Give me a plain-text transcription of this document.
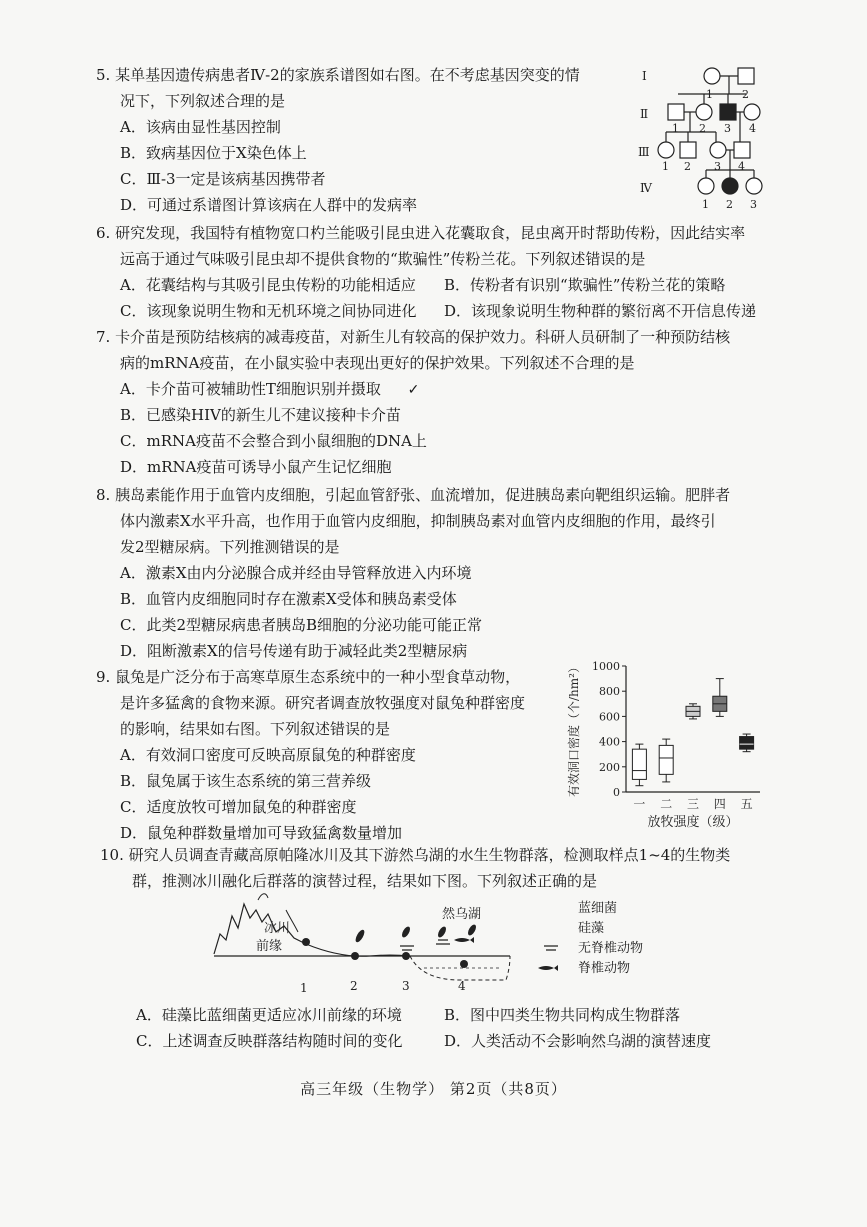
5. 某单基因遗传病患者Ⅳ-2的家族系谱图如右图。在不考虑基因突变的情
况下，下列叙述合理的是
A．该病由显性基因控制
B．致病基因位于X染色体上
C．Ⅲ-3一定是该病基因携带者
D．可通过系谱图计算该病在人群中的发病率
Ⅰ
Ⅱ
Ⅲ
Ⅳ
1	2
1 2 3 4
1 2 3 4
1 2 3
6. 研究发现，我国特有植物宽口杓兰能吸引昆虫进入花囊取食，昆虫离开时帮助传粉，因此结实率
远高于通过气味吸引昆虫却不提供食物的“欺骗性”传粉兰花。下列叙述错误的是
A．花囊结构与其吸引昆虫传粉的功能相适应 B．传粉者有识别“欺骗性”传粉兰花的策略
C．该现象说明生物和无机环境之间协同进化 D．该现象说明生物种群的繁衍离不开信息传递
7. 卡介苗是预防结核病的减毒疫苗，对新生儿有较高的保护效力。科研人员研制了一种预防结核
病的mRNA疫苗，在小鼠实验中表现出更好的保护效果。下列叙述不合理的是
A．卡介苗可被辅助性T细胞识别并摄取 ✓
B．已感染HIV的新生儿不建议接种卡介苗
C．mRNA疫苗不会整合到小鼠细胞的DNA上
D．mRNA疫苗可诱导小鼠产生记忆细胞
8. 胰岛素能作用于血管内皮细胞，引起血管舒张、血流增加，促进胰岛素向靶组织运输。肥胖者
体内激素X水平升高，也作用于血管内皮细胞，抑制胰岛素对血管内皮细胞的作用，最终引
发2型糖尿病。下列推测错误的是
A．激素X由内分泌腺合成并经由导管释放进入内环境
B．血管内皮细胞同时存在激素X受体和胰岛素受体
C．此类2型糖尿病患者胰岛B细胞的分泌功能可能正常
D．阻断激素X的信号传递有助于减轻此类2型糖尿病
9. 鼠兔是广泛分布于高寒草原生态系统中的一种小型食草动物，
是许多猛禽的食物来源。研究者调查放牧强度对鼠兔种群密度
的影响，结果如右图。下列叙述错误的是
A．有效洞口密度可反映高原鼠兔的种群密度
B．鼠兔属于该生态系统的第三营养级
C．适度放牧可增加鼠兔的种群密度
D．鼠兔种群数量增加可导致猛禽数量增加
0
200
400
600
800
1000
有效洞口密度（个/hm²）
一 二 三 四 五
放牧强度（级）
10. 研究人员调查青藏高原帕隆冰川及其下游然乌湖的水生生物群落，检测取样点1~4的生物类
群，推测冰川融化后群落的演替过程，结果如下图。下列叙述正确的是
冰川
前缘
1	2	3	4
然乌湖	蓝细菌
硅藻
无脊椎动物
脊椎动物
A．硅藻比蓝细菌更适应冰川前缘的环境	B．图中四类生物共同构成生物群落
C．上述调查反映群落结构随时间的变化	D．人类活动不会影响然乌湖的演替速度
高三年级（生物学） 第2页（共8页）
